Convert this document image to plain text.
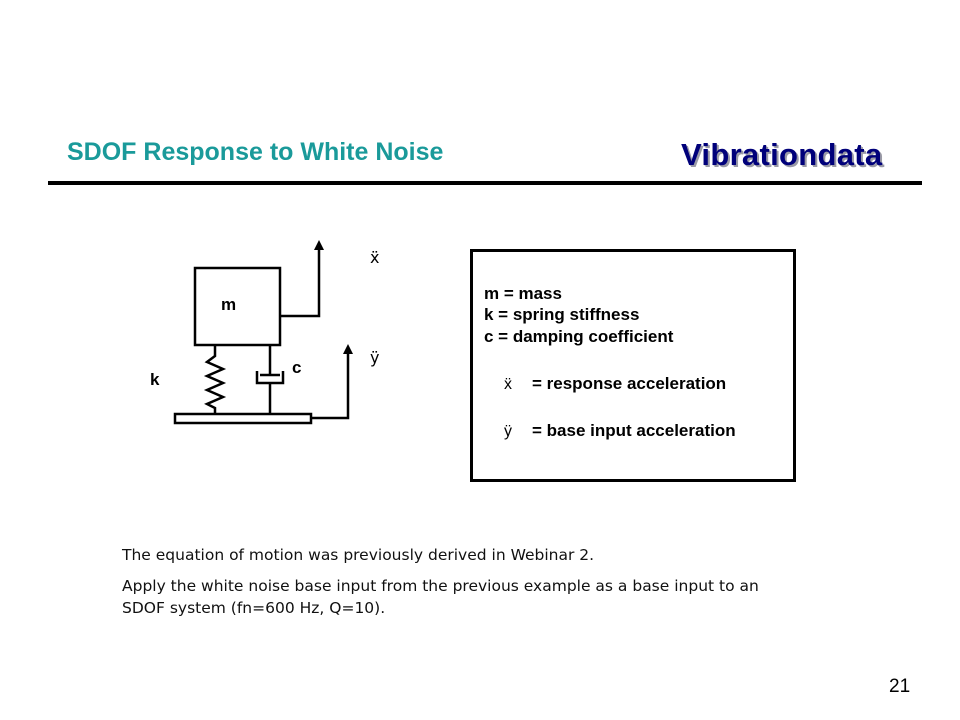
SDOF Response to White Noise	Vibrationdata
m
ẍ
k
c
ÿ
m = mass
k = spring stiffness
c = damping coefficient
ẍ = response acceleration
ÿ = base input acceleration

The equation of motion was previously derived in Webinar 2.

Apply the white noise base input from the previous example as a base input to an SDOF system (fn=600 Hz, Q=10).

21
